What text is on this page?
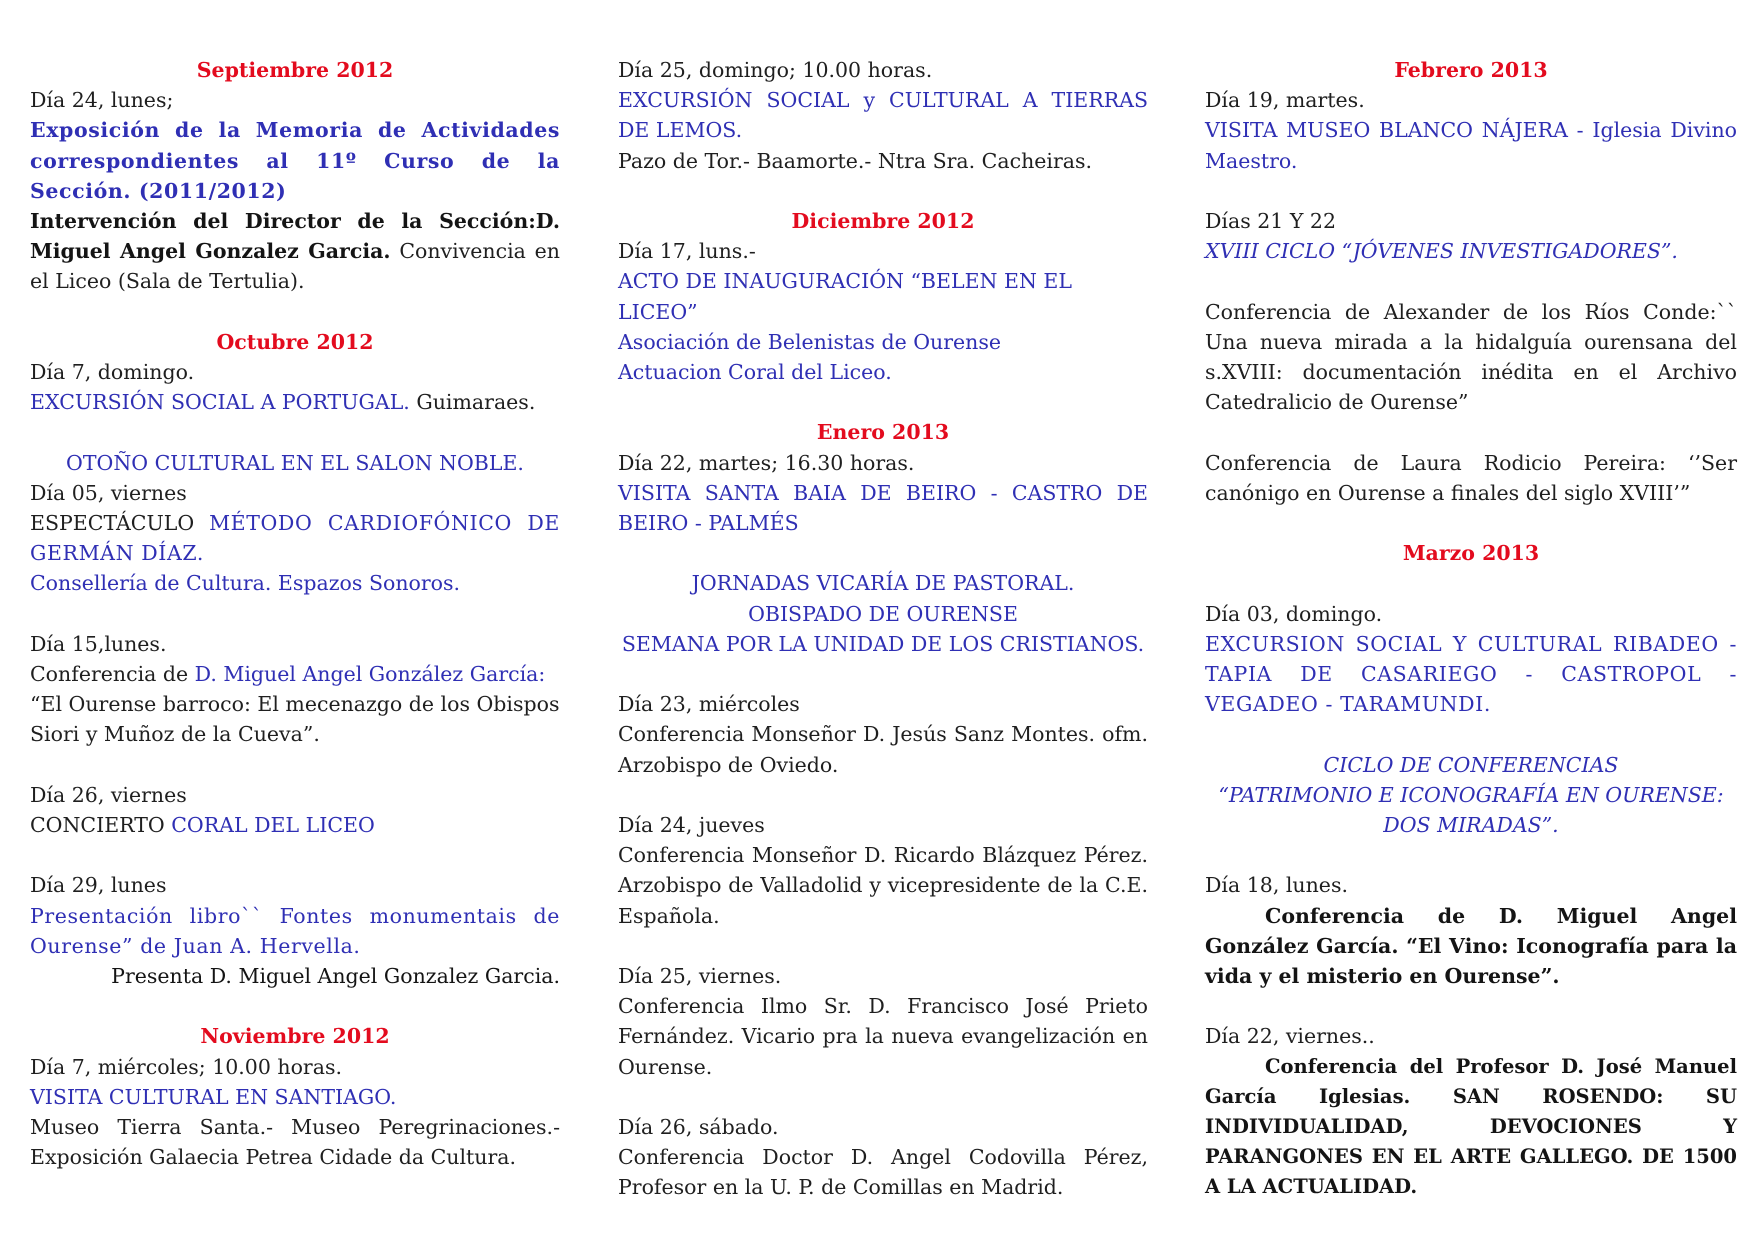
Septiembre 2012

Día 24, lunes;

Exposición de la Memoria de Actividades correspondientes al 11º Curso de la Sección. (2011/2012)

Intervención del Director de la Sección:D. Miguel Angel Gonzalez Garcia. Convivencia en el Liceo (Sala de Tertulia).

Octubre 2012

Día 7, domingo.

EXCURSIÓN SOCIAL A PORTUGAL. Guimaraes.

OTOÑO CULTURAL EN EL SALON NOBLE.

Día 05, viernes

ESPECTÁCULO MÉTODO CARDIOFÓNICO DE GERMÁN DÍAZ.

Consellería de Cultura. Espazos Sonoros.

Día 15,lunes.

Conferencia de D. Miguel Angel González García:

“El Ourense barroco: El mecenazgo de los Obispos Siori y Muñoz de la Cueva”.

Día 26, viernes

CONCIERTO CORAL DEL LICEO

Día 29, lunes

Presentación libro`` Fontes monumentais de Ourense” de Juan A. Hervella.

Presenta D. Miguel Angel Gonzalez Garcia.

Noviembre 2012

Día 7, miércoles; 10.00 horas.

VISITA CULTURAL EN SANTIAGO.

Museo Tierra Santa.- Museo Peregrinaciones.- Exposición Galaecia Petrea Cidade da Cultura.

Día 25, domingo; 10.00 horas.

EXCURSIÓN SOCIAL y CULTURAL A TIERRAS DE LEMOS.

Pazo de Tor.- Baamorte.- Ntra Sra. Cacheiras.

Diciembre 2012

Día 17, luns.-

ACTO DE INAUGURACIÓN “BELEN EN EL LICEO”

Asociación de Belenistas de Ourense

Actuacion Coral del Liceo.

Enero 2013

Día 22, martes; 16.30 horas.

VISITA SANTA BAIA DE BEIRO - CASTRO DE BEIRO - PALMÉS

JORNADAS VICARÍA DE PASTORAL.

OBISPADO DE OURENSE

SEMANA POR LA UNIDAD DE LOS CRISTIANOS.

Día 23, miércoles

Conferencia Monseñor D. Jesús Sanz Montes. ofm. Arzobispo de Oviedo.

Día 24, jueves

Conferencia Monseñor D. Ricardo Blázquez Pérez. Arzobispo de Valladolid y vicepresidente de la C.E. Española.

Día 25, viernes.

Conferencia Ilmo Sr. D. Francisco José Prieto Fernández. Vicario pra la nueva evangelización en Ourense.

Día 26, sábado.

Conferencia Doctor D. Angel Codovilla Pérez, Profesor en la U. P. de Comillas en Madrid.

Febrero 2013

Día 19, martes.

VISITA MUSEO BLANCO NÁJERA - Iglesia Divino Maestro.

Días 21 Y 22

XVIII CICLO “JÓVENES INVESTIGADORES”.

Conferencia de Alexander de los Ríos Conde:`` Una nueva mirada a la hidalguía ourensana del s.XVIII: documentación inédita en el Archivo Catedralicio de Ourense”

Conferencia de Laura Rodicio Pereira: ‘’Ser canónigo en Ourense a finales del siglo XVIII’”

Marzo 2013

Día 03, domingo.

EXCURSION SOCIAL Y CULTURAL RIBADEO - TAPIA DE CASARIEGO - CASTROPOL - VEGADEO - TARAMUNDI.

CICLO DE CONFERENCIAS

“PATRIMONIO E ICONOGRAFÍA EN OURENSE:

DOS MIRADAS”.

Día 18, lunes.

Conferencia de D. Miguel Angel González García. “El Vino: Iconografía para la vida y el misterio en Ourense”.

Día 22, viernes..

Conferencia del Profesor D. José Manuel García Iglesias. SAN ROSENDO: SU INDIVIDUALIDAD, DEVOCIONES Y PARANGONES EN EL ARTE GALLEGO. DE 1500 A LA ACTUALIDAD.
